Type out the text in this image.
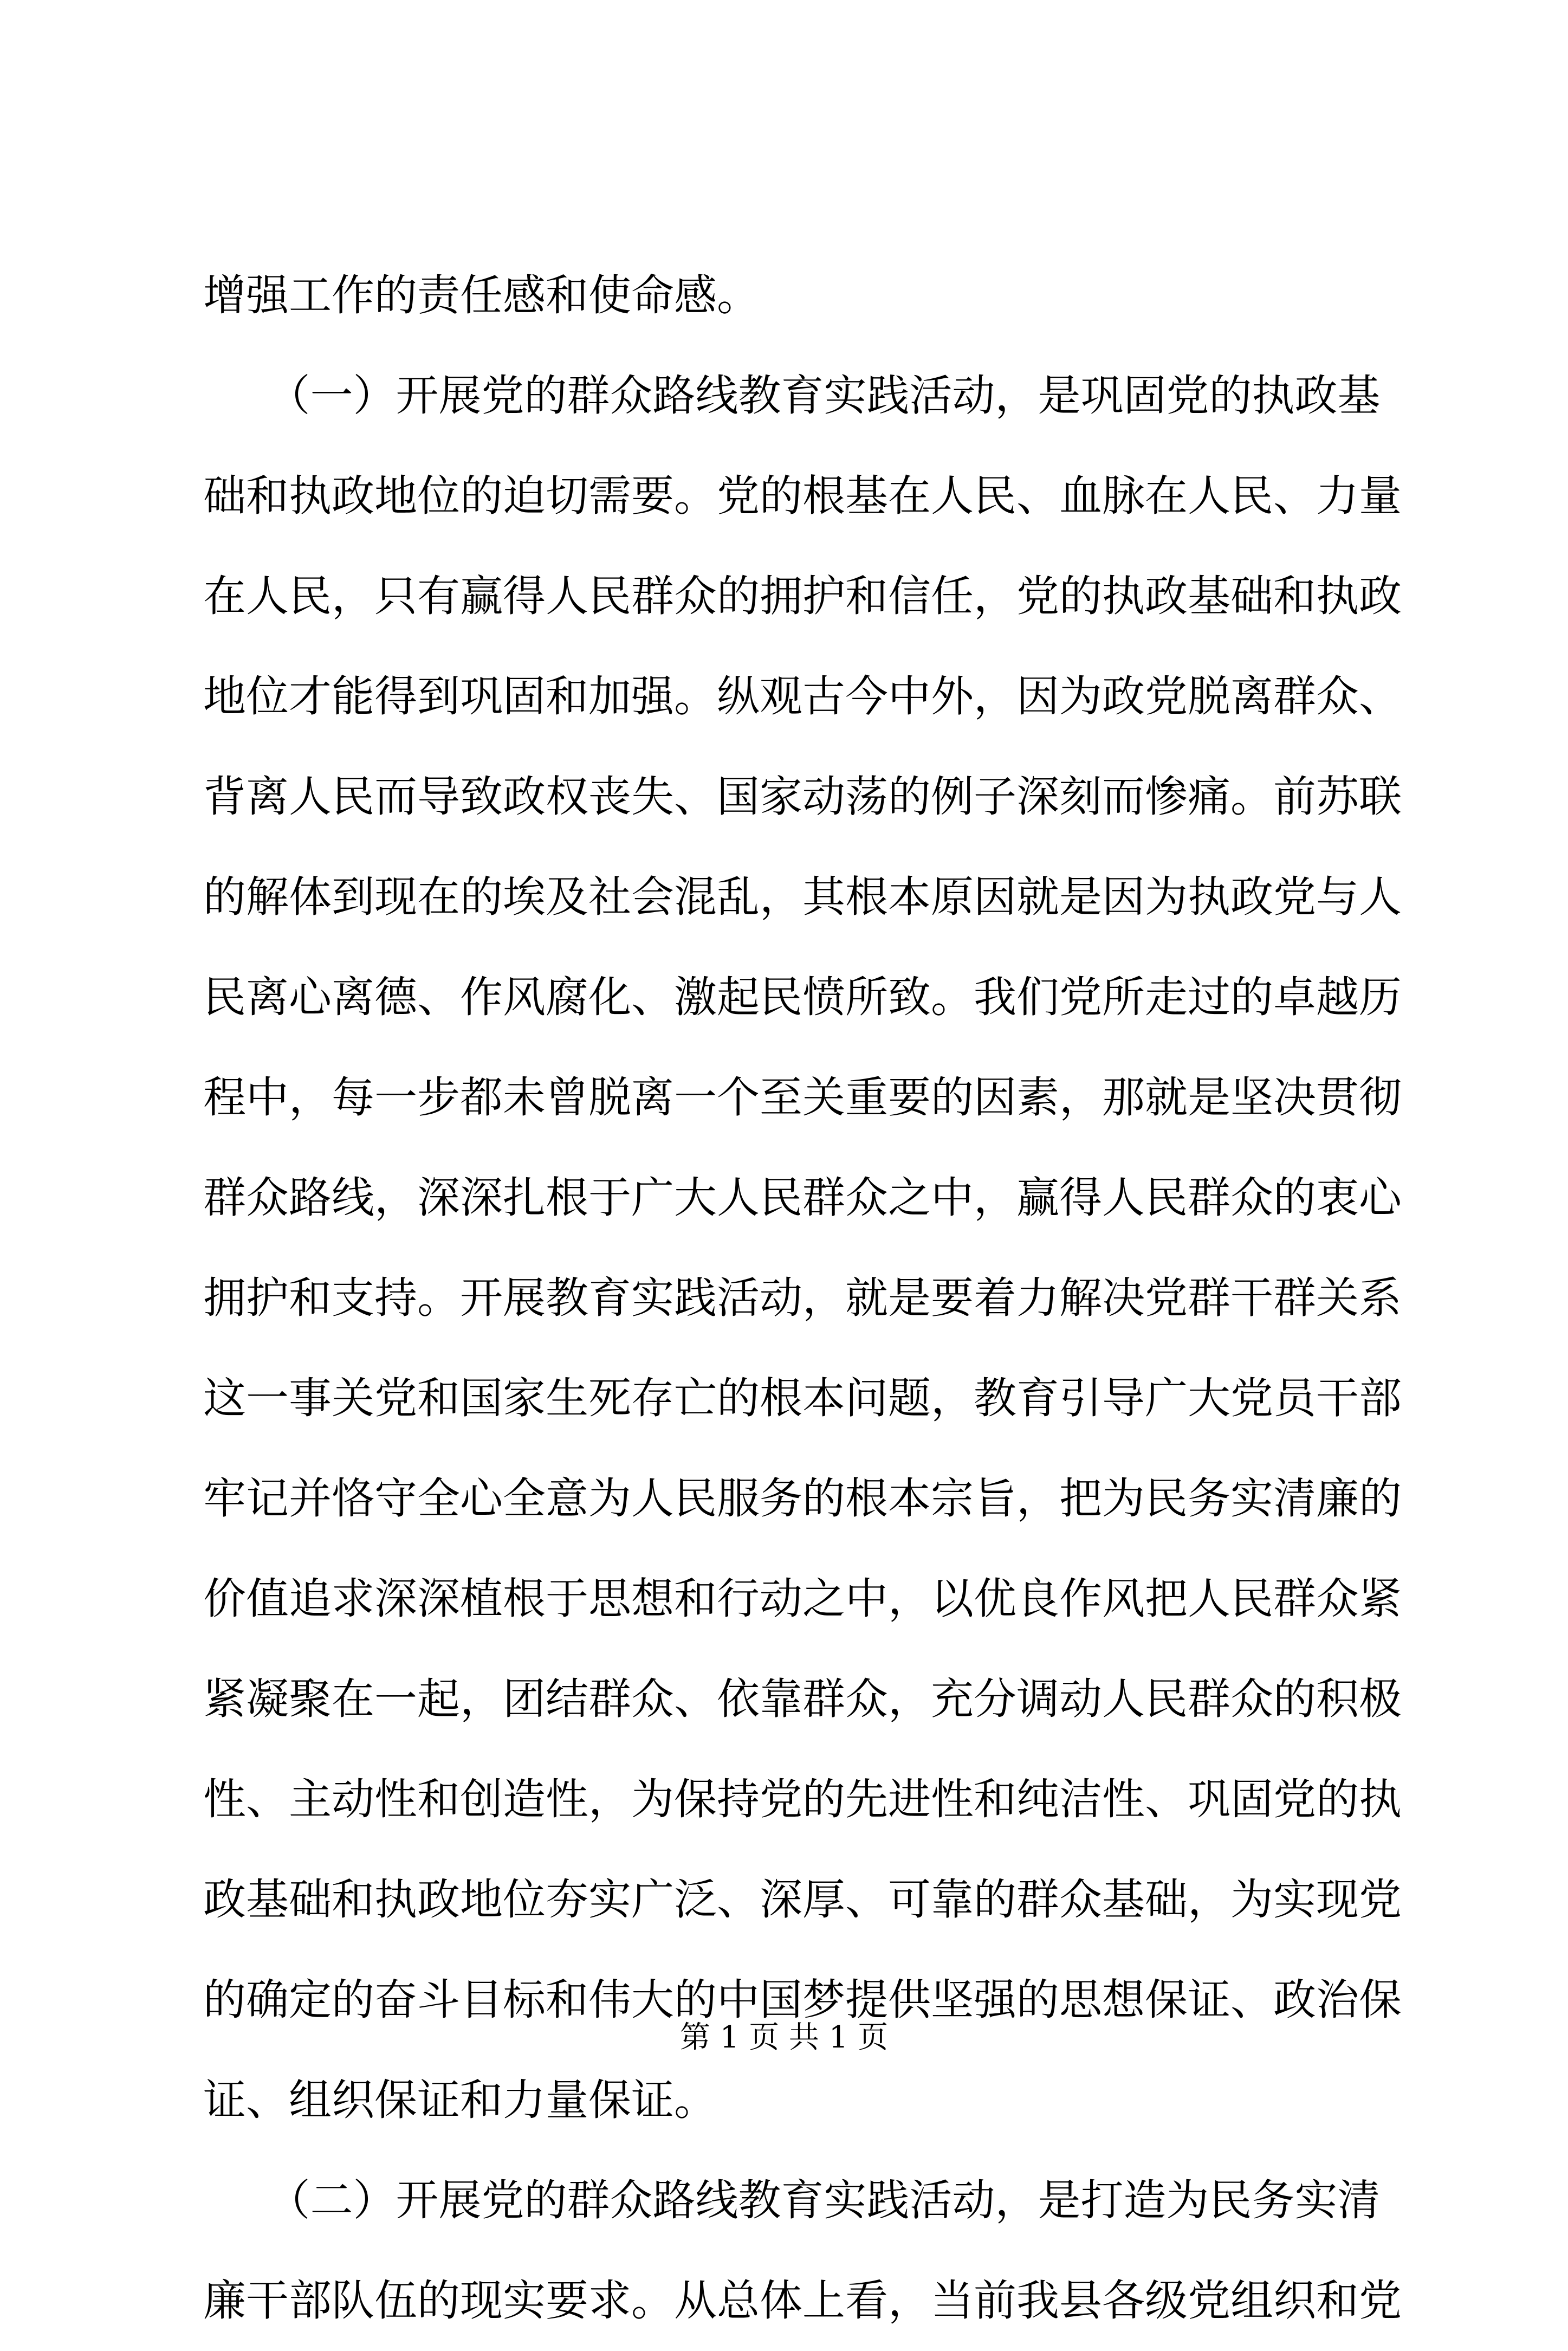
增强工作的责任感和使命感。
　　（一）开展党的群众路线教育实践活动，是巩固党的执政基
础和执政地位的迫切需要。党的根基在人民、血脉在人民、力量
在人民，只有赢得人民群众的拥护和信任，党的执政基础和执政
地位才能得到巩固和加强。纵观古今中外，因为政党脱离群众、
背离人民而导致政权丧失、国家动荡的例子深刻而惨痛。前苏联
的解体到现在的埃及社会混乱，其根本原因就是因为执政党与人
民离心离德、作风腐化、激起民愤所致。我们党所走过的卓越历
程中，每一步都未曾脱离一个至关重要的因素，那就是坚决贯彻
群众路线，深深扎根于广大人民群众之中，赢得人民群众的衷心
拥护和支持。开展教育实践活动，就是要着力解决党群干群关系
这一事关党和国家生死存亡的根本问题，教育引导广大党员干部
牢记并恪守全心全意为人民服务的根本宗旨，把为民务实清廉的
价值追求深深植根于思想和行动之中，以优良作风把人民群众紧
紧凝聚在一起，团结群众、依靠群众，充分调动人民群众的积极
性、主动性和创造性，为保持党的先进性和纯洁性、巩固党的执
政基础和执政地位夯实广泛、深厚、可靠的群众基础，为实现党
的确定的奋斗目标和伟大的中国梦提供坚强的思想保证、政治保
证、组织保证和力量保证。
　　（二）开展党的群众路线教育实践活动，是打造为民务实清
廉干部队伍的现实要求。从总体上看，当前我县各级党组织和党
第 1 页 共 1 页
